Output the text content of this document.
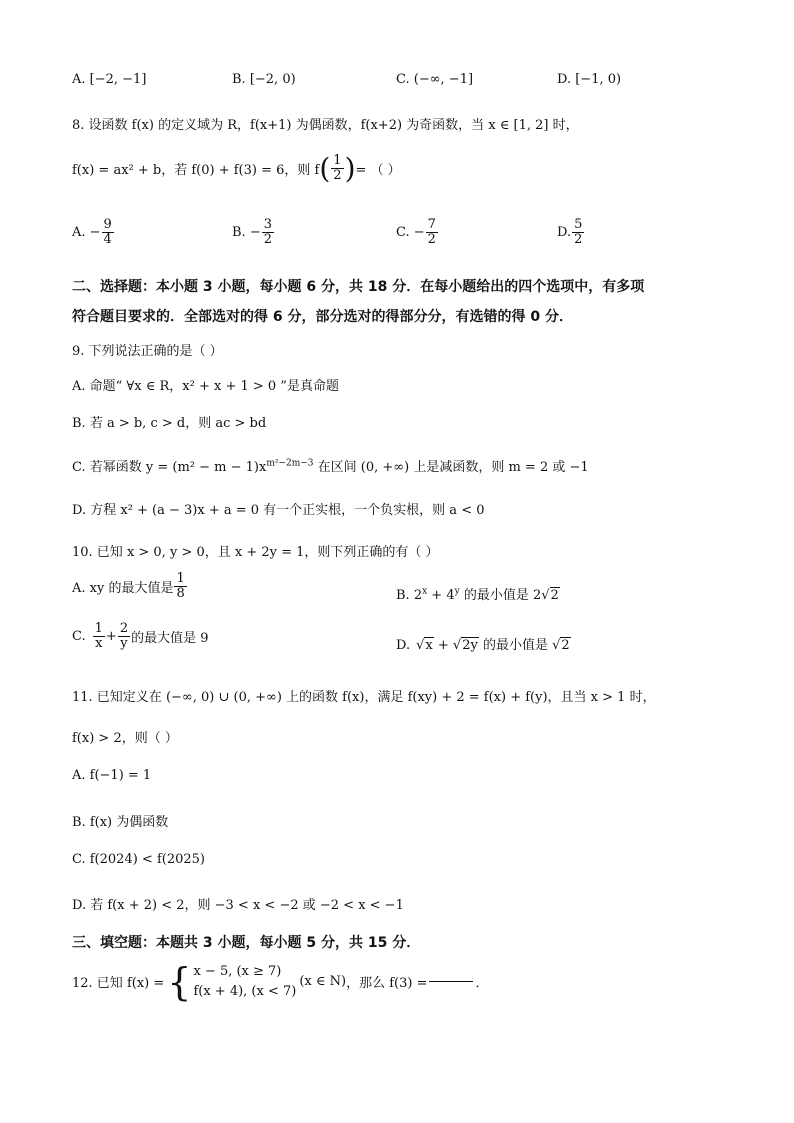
A. [−2, −1]	B. [−2, 0)	C. (−∞, −1]	D. [−1, 0)
8. 设函数 f(x) 的定义域为 R，f(x+1) 为偶函数，f(x+2) 为奇函数，当 x ∈ [1, 2] 时，
f(x) = ax² + b，若 f(0) + f(3) = 6，则 f ( $\frac{1}{2}$ ) = （ ）
A. − $\frac{9}{4}$	B. − $\frac{3}{2}$	C. − $\frac{7}{2}$	D. $\frac{5}{2}$
二、选择题：本小题 3 小题，每小题 6 分，共 18 分．在每小题给出的四个选项中，有多项
符合题目要求的．全部选对的得 6 分，部分选对的得部分分，有选错的得 0 分．
9. 下列说法正确的是（ ）
A. 命题“ ∀x ∈ R，x² + x + 1 > 0 ”是真命题
B. 若 a > b, c > d，则 ac > bd
C. 若幂函数 $y = (m^2 - m - 1)x^{m^2-2m-3}$ 在区间 (0, +∞) 上是减函数，则 m = 2 或 −1
D. 方程 x² + (a − 3)x + a = 0 有一个正实根，一个负实根，则 a < 0
10. 已知 x > 0, y > 0，且 x + 2y = 1，则下列正确的有（ ）
A. xy 的最大值是 $\frac{1}{8}$	B. $2^x + 4^y$ 的最小值是 2√2
C. $\frac{1}{x} + \frac{2}{y}$ 的最大值是 9	D. √x + √2y 的最小值是 √2
11. 已知定义在 (−∞, 0) ∪ (0, +∞) 上的函数 f(x)，满足 f(xy) + 2 = f(x) + f(y)，且当 x > 1 时，
f(x) > 2，则（ ）
A. f(−1) = 1
B. f(x) 为偶函数
C. f(2024) < f(2025)
D. 若 f(x + 2) < 2，则 −3 < x < −2 或 −2 < x < −1
三、填空题：本题共 3 小题，每小题 5 分，共 15 分．
12. 已知 f(x) = { x − 5, (x ≥ 7)
f(x + 4), (x < 7)
(x ∈ N) ，那么 f(3) =	．
